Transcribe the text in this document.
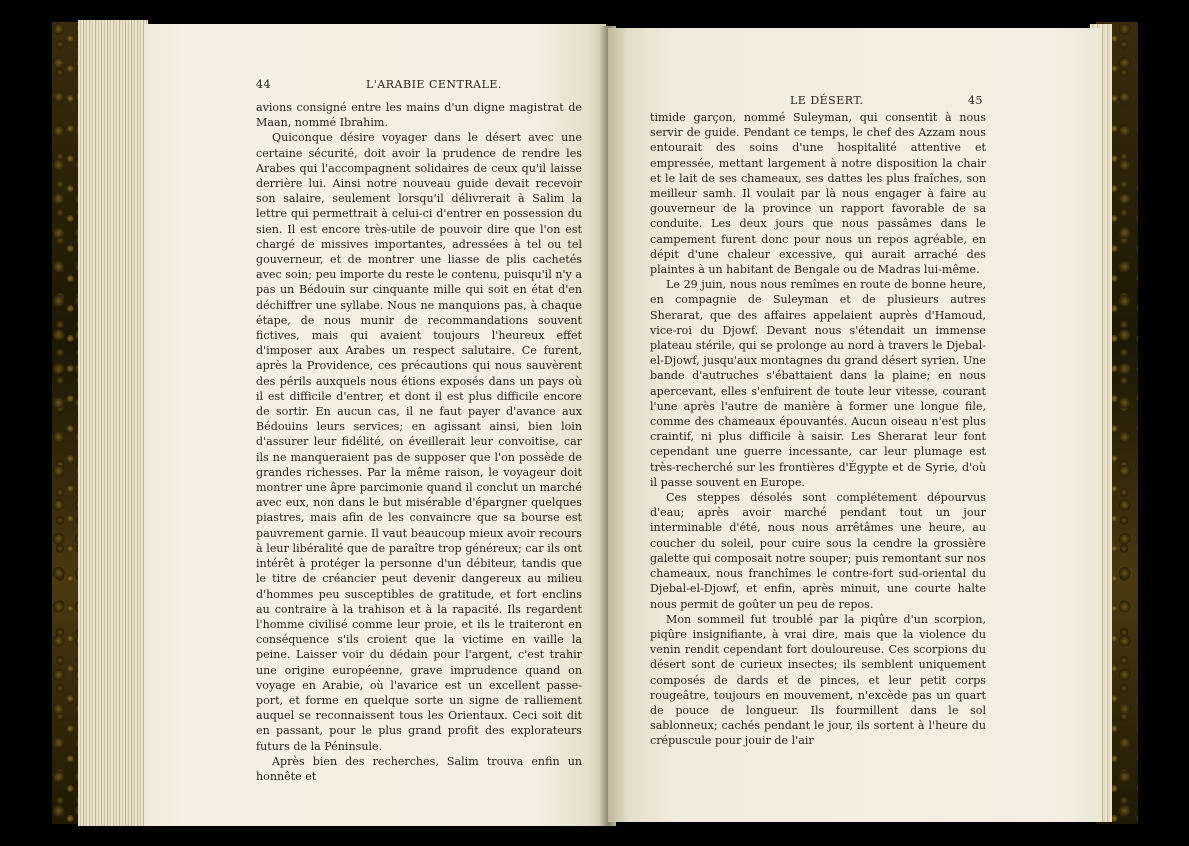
44	L'ARABIE CENTRALE.
LE DÉSERT.	45

avions consigné entre les mains d'un digne magistrat de Maan, nommé Ibrahim.

Quiconque désire voyager dans le désert avec une certaine sécurité, doit avoir la prudence de rendre les Arabes qui l'accompagnent solidaires de ceux qu'il laisse derrière lui. Ainsi notre nouveau guide devait recevoir son salaire, seulement lorsqu'il délivrerait à Salim la lettre qui permettrait à celui-ci d'entrer en possession du sien. Il est encore très-utile de pouvoir dire que l'on est chargé de missives importantes, adressées à tel ou tel gouverneur, et de montrer une liasse de plis cachetés avec soin; peu importe du reste le contenu, puisqu'il n'y a pas un Bédouin sur cinquante mille qui soit en état d'en déchiffrer une syllabe. Nous ne manquions pas, à chaque étape, de nous munir de recommandations souvent fictives, mais qui avaient toujours l'heureux effet d'imposer aux Arabes un respect salutaire. Ce furent, après la Providence, ces précautions qui nous sauvèrent des périls auxquels nous étions exposés dans un pays où il est difficile d'entrer, et dont il est plus difficile encore de sortir. En aucun cas, il ne faut payer d'avance aux Bédouins leurs services; en agissant ainsi, bien loin d'assurer leur fidélité, on éveillerait leur convoitise, car ils ne manqueraient pas de supposer que l'on possède de grandes richesses. Par la même raison, le voyageur doit montrer une âpre parcimonie quand il conclut un marché avec eux, non dans le but misérable d'épargner quelques piastres, mais afin de les convaincre que sa bourse est pauvrement garnie. Il vaut beaucoup mieux avoir recours à leur libéralité que de paraître trop généreux; car ils ont intérêt à protéger la personne d'un débiteur, tandis que le titre de créancier peut devenir dangereux au milieu d'hommes peu susceptibles de gratitude, et fort enclins au contraire à la trahison et à la rapacité. Ils regardent l'homme civilisé comme leur proie, et ils le traiteront en conséquence s'ils croient que la victime en vaille la peine. Laisser voir du dédain pour l'argent, c'est trahir une origine européenne, grave imprudence quand on voyage en Arabie, où l'avarice est un excellent passe-port, et forme en quelque sorte un signe de ralliement auquel se reconnaissent tous les Orientaux. Ceci soit dit en passant, pour le plus grand profit des explorateurs futurs de la Péninsule.

Après bien des recherches, Salim trouva enfin un honnête et

timide garçon, nommé Suleyman, qui consentit à nous servir de guide. Pendant ce temps, le chef des Azzam nous entourait des soins d'une hospitalité attentive et empressée, mettant largement à notre disposition la chair et le lait de ses chameaux, ses dattes les plus fraîches, son meilleur samh. Il voulait par là nous engager à faire au gouverneur de la province un rapport favorable de sa conduite. Les deux jours que nous passâmes dans le campement furent donc pour nous un repos agréable, en dépit d'une chaleur excessive, qui aurait arraché des plaintes à un habitant de Bengale ou de Madras lui-même.

Le 29 juin, nous nous remîmes en route de bonne heure, en compagnie de Suleyman et de plusieurs autres Sherarat, que des affaires appelaient auprès d'Hamoud, vice-roi du Djowf. Devant nous s'étendait un immense plateau stérile, qui se prolonge au nord à travers le Djebal-el-Djowf, jusqu'aux montagnes du grand désert syrien. Une bande d'autruches s'ébattaient dans la plaine; en nous apercevant, elles s'enfuirent de toute leur vitesse, courant l'une après l'autre de manière à former une longue file, comme des chameaux épouvantés. Aucun oiseau n'est plus craintif, ni plus difficile à saisir. Les Sherarat leur font cependant une guerre incessante, car leur plumage est très-recherché sur les frontières d'Égypte et de Syrie, d'où il passe souvent en Europe.

Ces steppes désolés sont complétement dépourvus d'eau; après avoir marché pendant tout un jour interminable d'été, nous nous arrêtâmes une heure, au coucher du soleil, pour cuire sous la cendre la grossière galette qui composait notre souper; puis remontant sur nos chameaux, nous franchîmes le contre-fort sud-oriental du Djebal-el-Djowf, et enfin, après minuit, une courte halte nous permit de goûter un peu de repos.

Mon sommeil fut troublé par la piqûre d'un scorpion, piqûre insignifiante, à vrai dire, mais que la violence du venin rendit cependant fort douloureuse. Ces scorpions du désert sont de curieux insectes; ils semblent uniquement composés de dards et de pinces, et leur petit corps rougeâtre, toujours en mouvement, n'excède pas un quart de pouce de longueur. Ils fourmillent dans le sol sablonneux; cachés pendant le jour, ils sortent à l'heure du crépuscule pour jouir de l'air
